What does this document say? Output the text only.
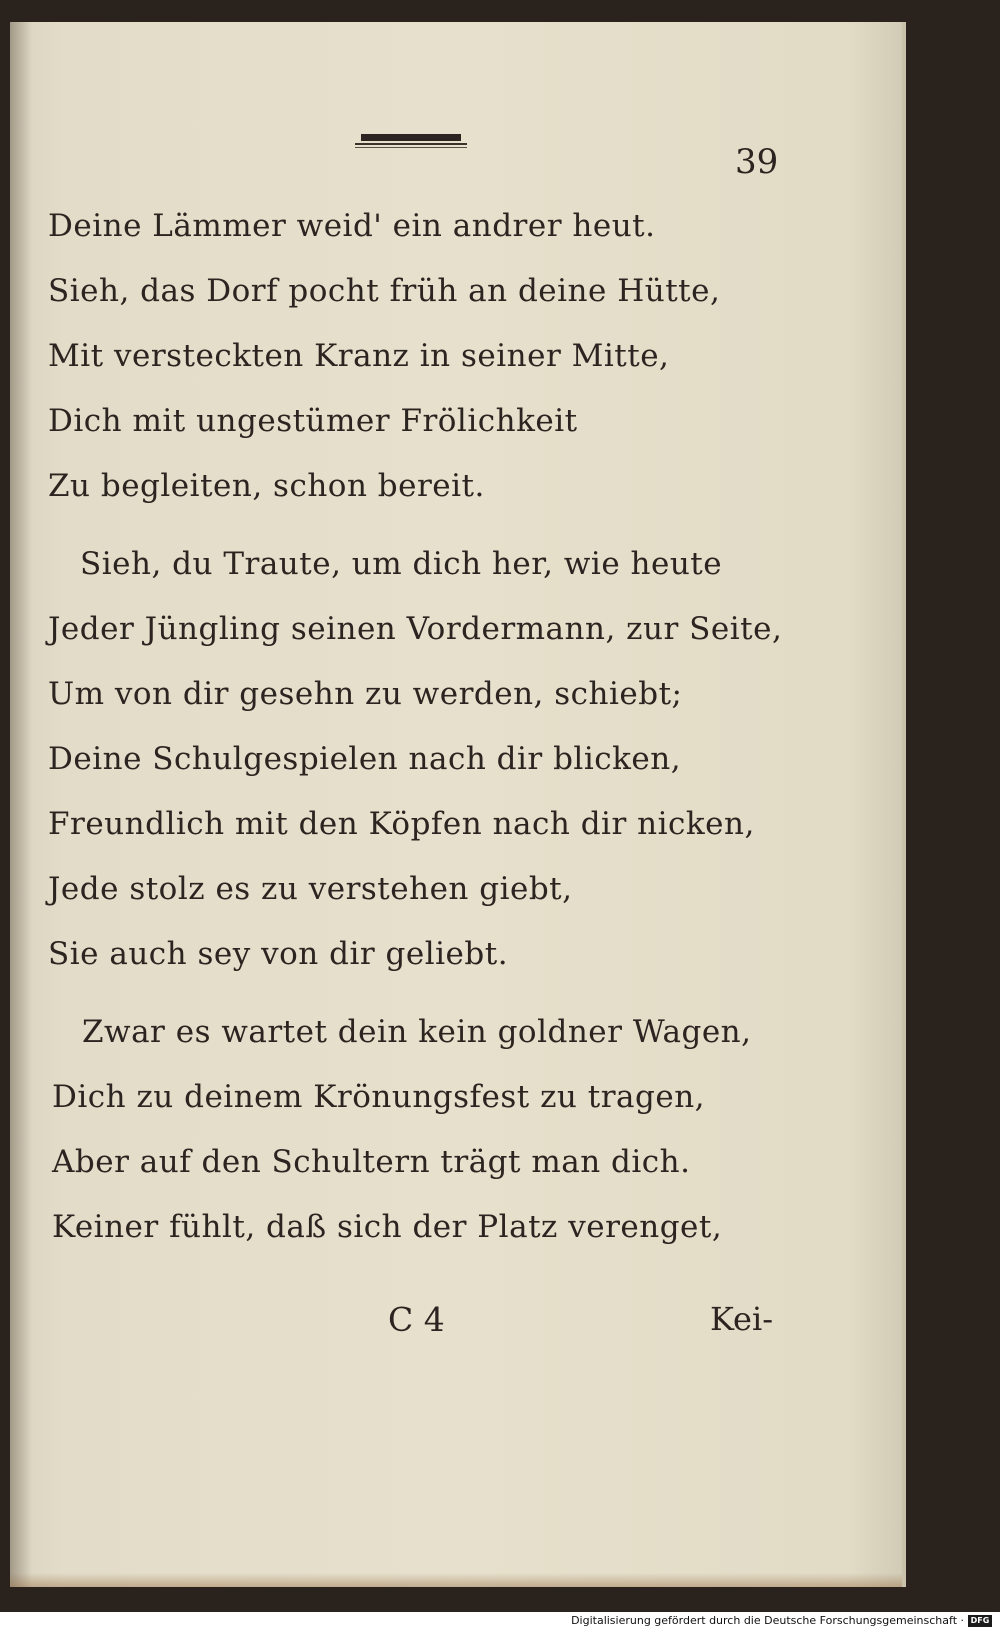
39
Deine Lämmer weid' ein andrer heut.
Sieh, das Dorf pocht früh an deine Hütte,
Mit versteckten Kranz in seiner Mitte,
Dich mit ungestümer Frölichkeit
Zu begleiten, schon bereit.
Sieh, du Traute, um dich her, wie heute
Jeder Jüngling seinen Vordermann, zur Seite,
Um von dir gesehn zu werden, schiebt;
Deine Schulgespielen nach dir blicken,
Freundlich mit den Köpfen nach dir nicken,
Jede stolz es zu verstehen giebt,
Sie auch sey von dir geliebt.
Zwar es wartet dein kein goldner Wagen,
Dich zu deinem Krönungsfest zu tragen,
Aber auf den Schultern trägt man dich.
Keiner fühlt, daß sich der Platz verenget,
C 4	Kei-
Digitalisierung gefördert durch die Deutsche Forschungsgemeinschaft · DFG
